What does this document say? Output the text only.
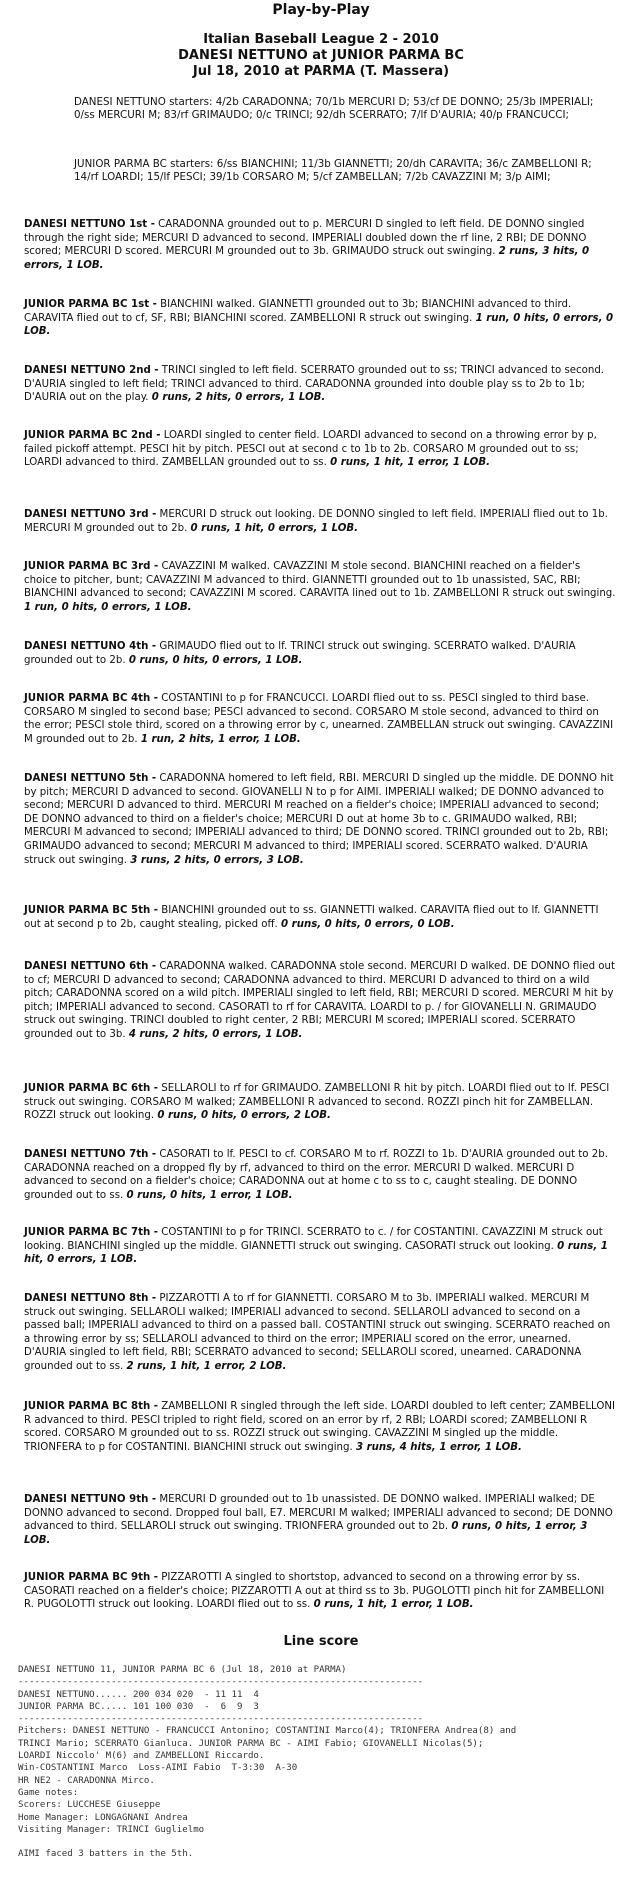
Play-by-Play
Italian Baseball League 2 - 2010
DANESI NETTUNO at JUNIOR PARMA BC
Jul 18, 2010 at PARMA (T. Massera)
DANESI NETTUNO starters: 4/2b CARADONNA; 70/1b MERCURI D; 53/cf DE DONNO; 25/3b IMPERIALI; 0/ss MERCURI M; 83/rf GRIMAUDO; 0/c TRINCI; 92/dh SCERRATO; 7/lf D'AURIA; 40/p FRANCUCCI;
JUNIOR PARMA BC starters: 6/ss BIANCHINI; 11/3b GIANNETTI; 20/dh CARAVITA; 36/c ZAMBELLONI R; 14/rf LOARDI; 15/lf PESCI; 39/1b CORSARO M; 5/cf ZAMBELLAN; 7/2b CAVAZZINI M; 3/p AIMI;
DANESI NETTUNO 1st - CARADONNA grounded out to p. MERCURI D singled to left field. DE DONNO singled through the right side; MERCURI D advanced to second. IMPERIALI doubled down the rf line, 2 RBI; DE DONNO scored; MERCURI D scored. MERCURI M grounded out to 3b. GRIMAUDO struck out swinging. 2 runs, 3 hits, 0 errors, 1 LOB.
JUNIOR PARMA BC 1st - BIANCHINI walked. GIANNETTI grounded out to 3b; BIANCHINI advanced to third. CARAVITA flied out to cf, SF, RBI; BIANCHINI scored. ZAMBELLONI R struck out swinging. 1 run, 0 hits, 0 errors, 0 LOB.
DANESI NETTUNO 2nd - TRINCI singled to left field. SCERRATO grounded out to ss; TRINCI advanced to second. D'AURIA singled to left field; TRINCI advanced to third. CARADONNA grounded into double play ss to 2b to 1b; D'AURIA out on the play. 0 runs, 2 hits, 0 errors, 1 LOB.
JUNIOR PARMA BC 2nd - LOARDI singled to center field. LOARDI advanced to second on a throwing error by p, failed pickoff attempt. PESCI hit by pitch. PESCI out at second c to 1b to 2b. CORSARO M grounded out to ss; LOARDI advanced to third. ZAMBELLAN grounded out to ss. 0 runs, 1 hit, 1 error, 1 LOB.
DANESI NETTUNO 3rd - MERCURI D struck out looking. DE DONNO singled to left field. IMPERIALI flied out to 1b. MERCURI M grounded out to 2b. 0 runs, 1 hit, 0 errors, 1 LOB.
JUNIOR PARMA BC 3rd - CAVAZZINI M walked. CAVAZZINI M stole second. BIANCHINI reached on a fielder's choice to pitcher, bunt; CAVAZZINI M advanced to third. GIANNETTI grounded out to 1b unassisted, SAC, RBI; BIANCHINI advanced to second; CAVAZZINI M scored. CARAVITA lined out to 1b. ZAMBELLONI R struck out swinging. 1 run, 0 hits, 0 errors, 1 LOB.
DANESI NETTUNO 4th - GRIMAUDO flied out to lf. TRINCI struck out swinging. SCERRATO walked. D'AURIA grounded out to 2b. 0 runs, 0 hits, 0 errors, 1 LOB.
JUNIOR PARMA BC 4th - COSTANTINI to p for FRANCUCCI. LOARDI flied out to ss. PESCI singled to third base. CORSARO M singled to second base; PESCI advanced to second. CORSARO M stole second, advanced to third on the error; PESCI stole third, scored on a throwing error by c, unearned. ZAMBELLAN struck out swinging. CAVAZZINI M grounded out to 2b. 1 run, 2 hits, 1 error, 1 LOB.
DANESI NETTUNO 5th - CARADONNA homered to left field, RBI. MERCURI D singled up the middle. DE DONNO hit by pitch; MERCURI D advanced to second. GIOVANELLI N to p for AIMI. IMPERIALI walked; DE DONNO advanced to second; MERCURI D advanced to third. MERCURI M reached on a fielder's choice; IMPERIALI advanced to second; DE DONNO advanced to third on a fielder's choice; MERCURI D out at home 3b to c. GRIMAUDO walked, RBI; MERCURI M advanced to second; IMPERIALI advanced to third; DE DONNO scored. TRINCI grounded out to 2b, RBI; GRIMAUDO advanced to second; MERCURI M advanced to third; IMPERIALI scored. SCERRATO walked. D'AURIA struck out swinging. 3 runs, 2 hits, 0 errors, 3 LOB.
JUNIOR PARMA BC 5th - BIANCHINI grounded out to ss. GIANNETTI walked. CARAVITA flied out to lf. GIANNETTI out at second p to 2b, caught stealing, picked off. 0 runs, 0 hits, 0 errors, 0 LOB.
DANESI NETTUNO 6th - CARADONNA walked. CARADONNA stole second. MERCURI D walked. DE DONNO flied out to cf; MERCURI D advanced to second; CARADONNA advanced to third. MERCURI D advanced to third on a wild pitch; CARADONNA scored on a wild pitch. IMPERIALI singled to left field, RBI; MERCURI D scored. MERCURI M hit by pitch; IMPERIALI advanced to second. CASORATI to rf for CARAVITA. LOARDI to p. / for GIOVANELLI N. GRIMAUDO struck out swinging. TRINCI doubled to right center, 2 RBI; MERCURI M scored; IMPERIALI scored. SCERRATO grounded out to 3b. 4 runs, 2 hits, 0 errors, 1 LOB.
JUNIOR PARMA BC 6th - SELLAROLI to rf for GRIMAUDO. ZAMBELLONI R hit by pitch. LOARDI flied out to lf. PESCI struck out swinging. CORSARO M walked; ZAMBELLONI R advanced to second. ROZZI pinch hit for ZAMBELLAN. ROZZI struck out looking. 0 runs, 0 hits, 0 errors, 2 LOB.
DANESI NETTUNO 7th - CASORATI to lf. PESCI to cf. CORSARO M to rf. ROZZI to 1b. D'AURIA grounded out to 2b. CARADONNA reached on a dropped fly by rf, advanced to third on the error. MERCURI D walked. MERCURI D advanced to second on a fielder's choice; CARADONNA out at home c to ss to c, caught stealing. DE DONNO grounded out to ss. 0 runs, 0 hits, 1 error, 1 LOB.
JUNIOR PARMA BC 7th - COSTANTINI to p for TRINCI. SCERRATO to c. / for COSTANTINI. CAVAZZINI M struck out looking. BIANCHINI singled up the middle. GIANNETTI struck out swinging. CASORATI struck out looking. 0 runs, 1 hit, 0 errors, 1 LOB.
DANESI NETTUNO 8th - PIZZAROTTI A to rf for GIANNETTI. CORSARO M to 3b. IMPERIALI walked. MERCURI M struck out swinging. SELLAROLI walked; IMPERIALI advanced to second. SELLAROLI advanced to second on a passed ball; IMPERIALI advanced to third on a passed ball. COSTANTINI struck out swinging. SCERRATO reached on a throwing error by ss; SELLAROLI advanced to third on the error; IMPERIALI scored on the error, unearned. D'AURIA singled to left field, RBI; SCERRATO advanced to second; SELLAROLI scored, unearned. CARADONNA grounded out to ss. 2 runs, 1 hit, 1 error, 2 LOB.
JUNIOR PARMA BC 8th - ZAMBELLONI R singled through the left side. LOARDI doubled to left center; ZAMBELLONI R advanced to third. PESCI tripled to right field, scored on an error by rf, 2 RBI; LOARDI scored; ZAMBELLONI R scored. CORSARO M grounded out to ss. ROZZI struck out swinging. CAVAZZINI M singled up the middle. TRIONFERA to p for COSTANTINI. BIANCHINI struck out swinging. 3 runs, 4 hits, 1 error, 1 LOB.
DANESI NETTUNO 9th - MERCURI D grounded out to 1b unassisted. DE DONNO walked. IMPERIALI walked; DE DONNO advanced to second. Dropped foul ball, E7. MERCURI M walked; IMPERIALI advanced to second; DE DONNO advanced to third. SELLAROLI struck out swinging. TRIONFERA grounded out to 2b. 0 runs, 0 hits, 1 error, 3 LOB.
JUNIOR PARMA BC 9th - PIZZAROTTI A singled to shortstop, advanced to second on a throwing error by ss. CASORATI reached on a fielder's choice; PIZZAROTTI A out at third ss to 3b. PUGOLOTTI pinch hit for ZAMBELLONI R. PUGOLOTTI struck out looking. LOARDI flied out to ss. 0 runs, 1 hit, 1 error, 1 LOB.
Line score
DANESI NETTUNO 11, JUNIOR PARMA BC 6 (Jul 18, 2010 at PARMA)
--------------------------------------------------------------------------
DANESI NETTUNO...... 200 034 020  - 11 11  4
JUNIOR PARMA BC..... 101 100 030  -  6  9  3
--------------------------------------------------------------------------
Pitchers: DANESI NETTUNO - FRANCUCCI Antonino; COSTANTINI Marco(4); TRIONFERA Andrea(8) and
TRINCI Mario; SCERRATO Gianluca. JUNIOR PARMA BC - AIMI Fabio; GIOVANELLI Nicolas(5);
LOARDI Niccolo' M(6) and ZAMBELLONI Riccardo.
Win-COSTANTINI Marco  Loss-AIMI Fabio  T-3:30  A-30
HR NE2 - CARADONNA Mirco.
Game notes:
Scorers: LUCCHESE Giuseppe
Home Manager: LONGAGNANI Andrea
Visiting Manager: TRINCI Guglielmo

AIMI faced 3 batters in the 5th.
